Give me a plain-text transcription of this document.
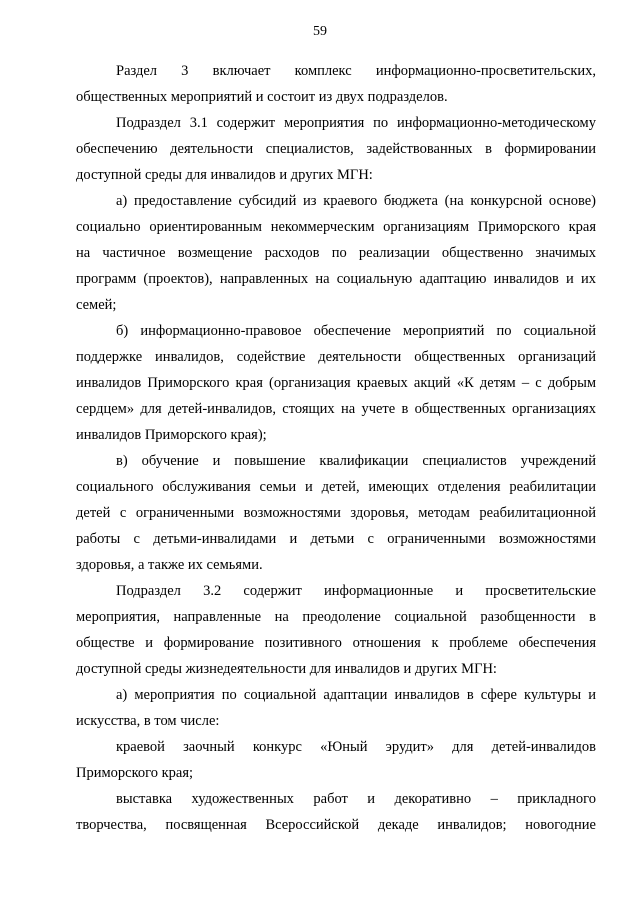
59
Раздел 3 включает комплекс информационно-просветительских,
общественных мероприятий и состоит из двух подразделов.
Подраздел 3.1 содержит мероприятия по информационно-методическому
обеспечению деятельности специалистов, задействованных в формировании
доступной среды для инвалидов и других МГН:
а) предоставление субсидий из краевого бюджета (на конкурсной основе)
социально ориентированным некоммерческим организациям Приморского края
на частичное возмещение расходов по реализации общественно значимых
программ (проектов), направленных на социальную адаптацию инвалидов и их
семей;
б) информационно-правовое обеспечение мероприятий по социальной
поддержке инвалидов, содействие деятельности общественных организаций
инвалидов Приморского края (организация краевых акций «К детям – с добрым
сердцем» для детей-инвалидов, стоящих на учете в общественных организациях
инвалидов Приморского края);
в) обучение и повышение квалификации специалистов учреждений
социального обслуживания семьи и детей, имеющих отделения реабилитации
детей с ограниченными возможностями здоровья, методам реабилитационной
работы с детьми-инвалидами и детьми с ограниченными возможностями
здоровья, а также их семьями.
Подраздел 3.2 содержит информационные и просветительские
мероприятия, направленные на преодоление социальной разобщенности в
обществе и формирование позитивного отношения к проблеме обеспечения
доступной среды жизнедеятельности для инвалидов и других МГН:
а) мероприятия по социальной адаптации инвалидов в сфере культуры и
искусства, в том числе:
краевой заочный конкурс «Юный эрудит» для детей-инвалидов
Приморского края;
выставка художественных работ и декоративно – прикладного
творчества, посвященная Всероссийской декаде инвалидов; новогодние
